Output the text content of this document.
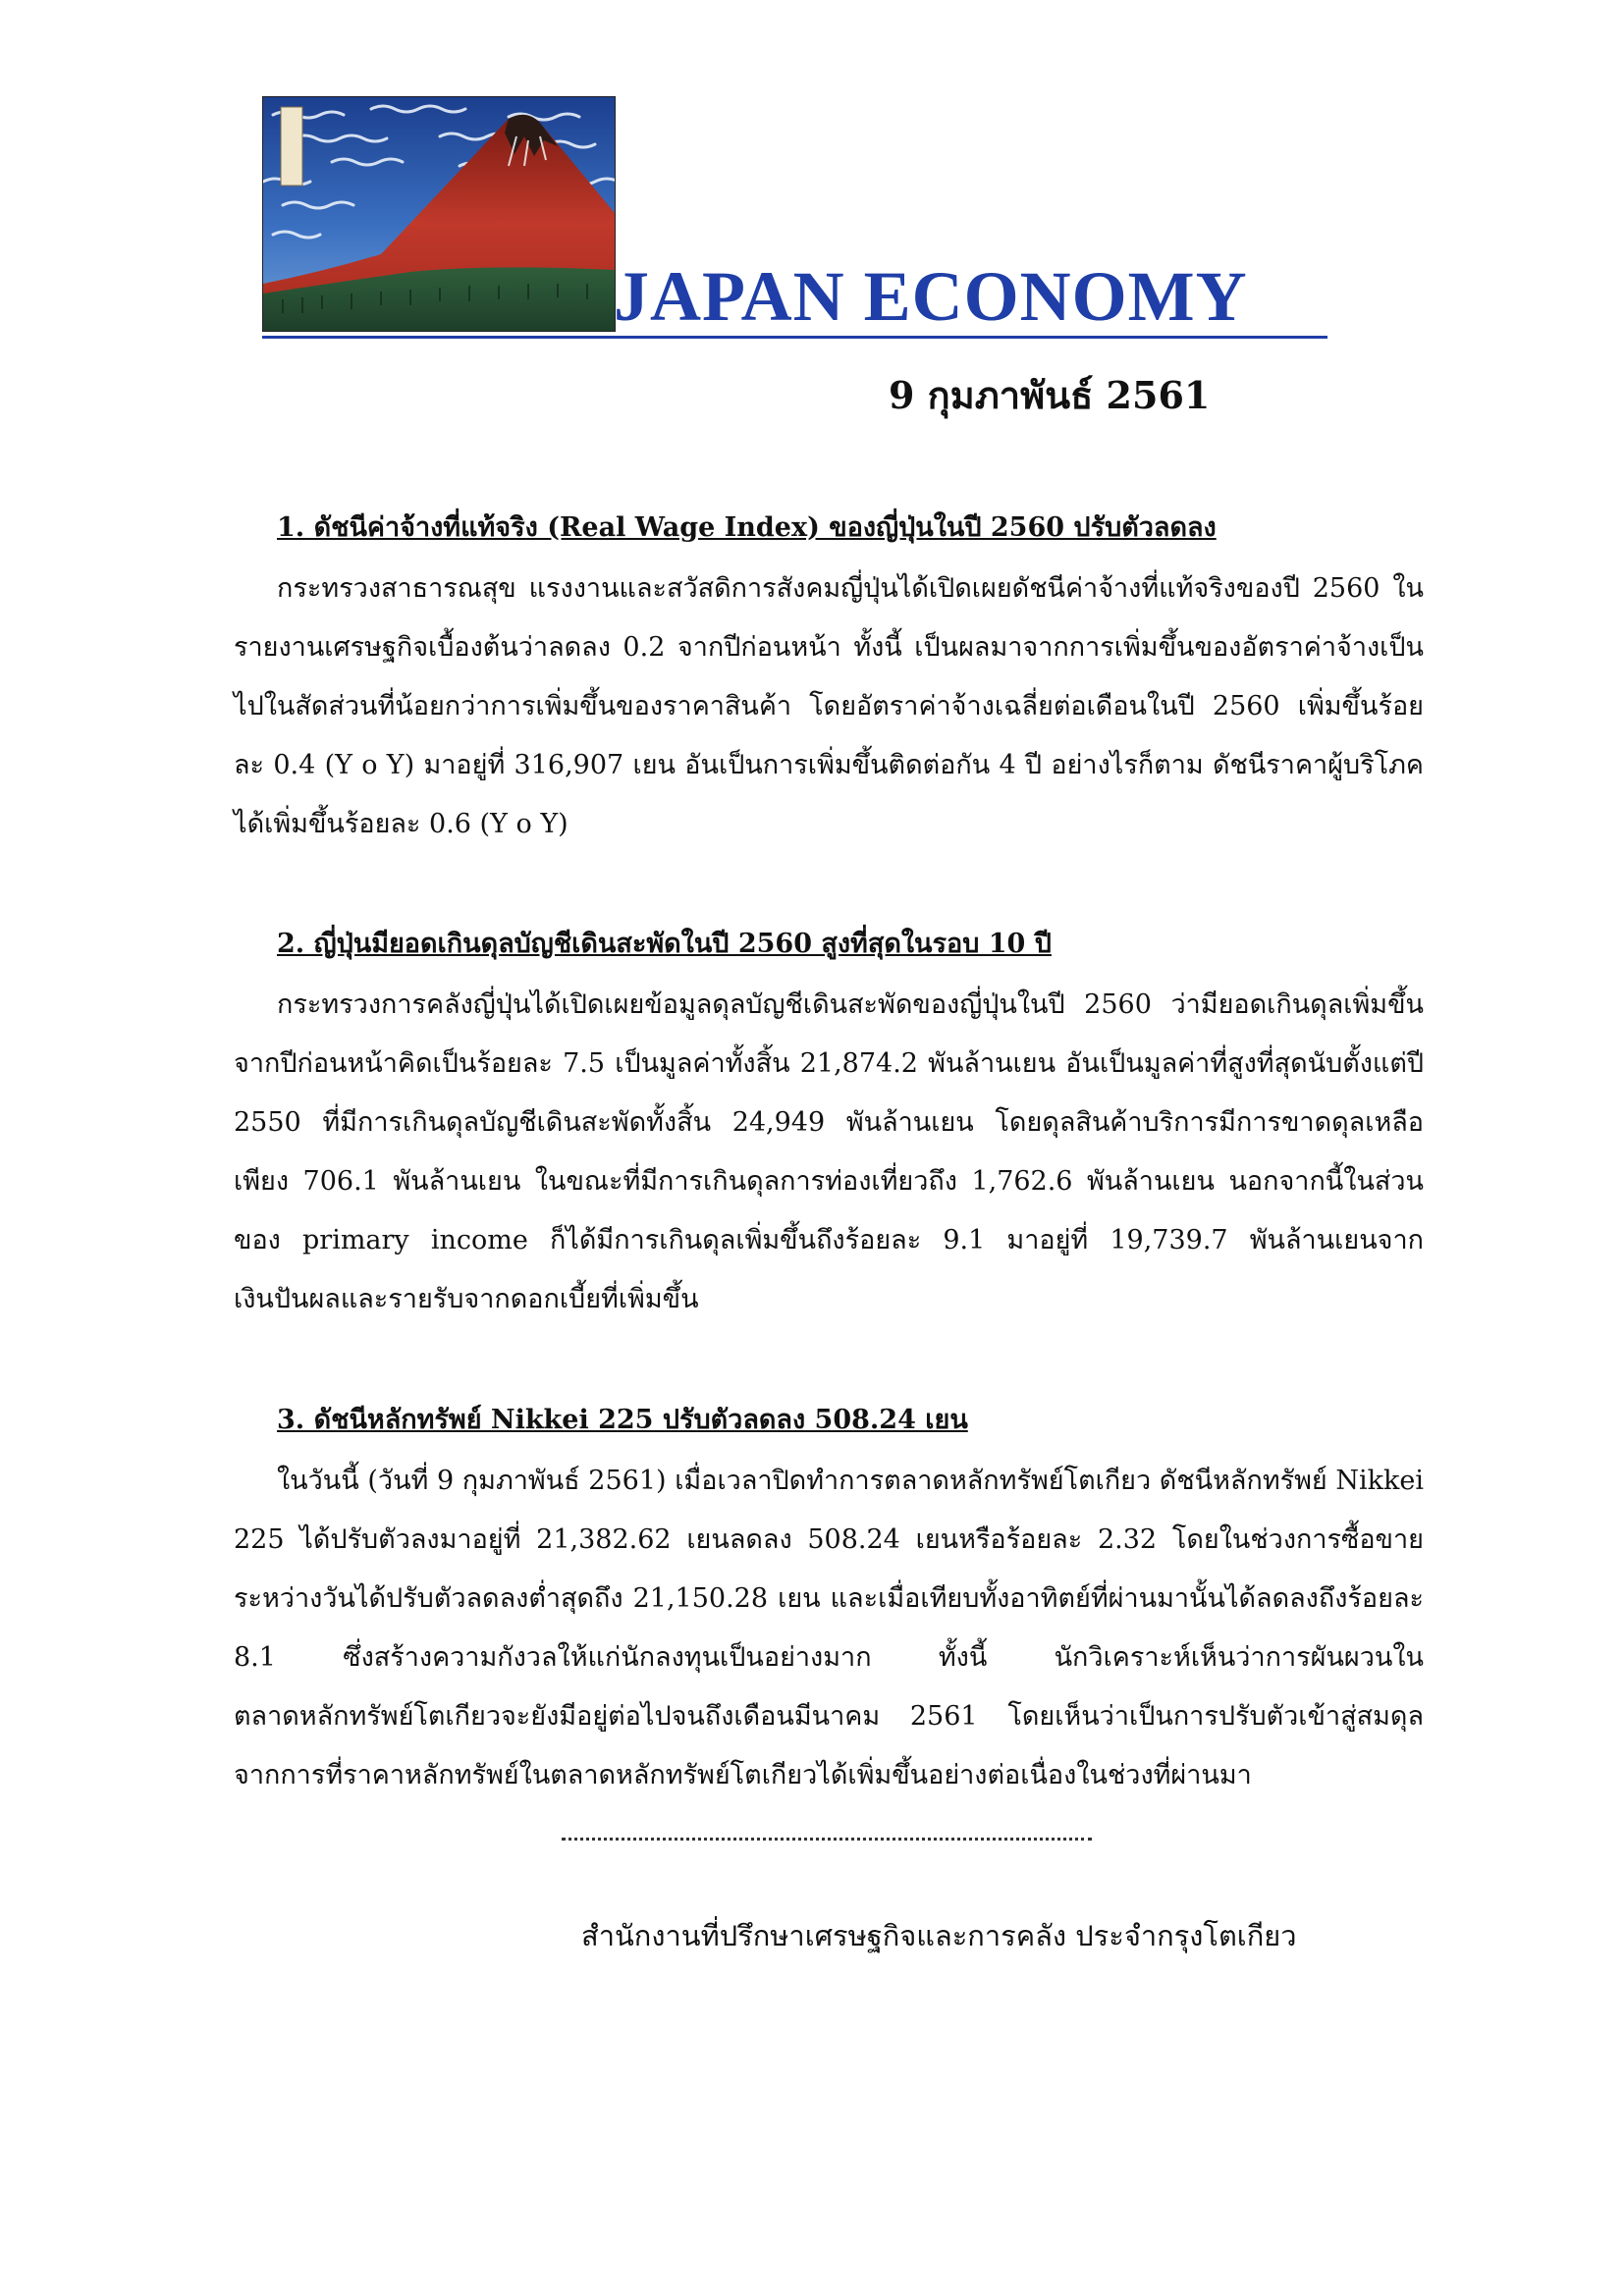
JAPAN ECONOMY
9 กุมภาพันธ์ 2561
1. ดัชนีค่าจ้างที่แท้จริง (Real Wage Index) ของญี่ปุ่นในปี 2560 ปรับตัวลดลง
กระทรวงสาธารณสุข แรงงานและสวัสดิการสังคมญี่ปุ่นได้เปิดเผยดัชนีค่าจ้างที่แท้จริงของปี 2560 ในรายงานเศรษฐกิจเบื้องต้นว่าลดลง 0.2 จากปีก่อนหน้า ทั้งนี้ เป็นผลมาจากการเพิ่มขึ้นของอัตราค่าจ้างเป็นไปในสัดส่วนที่น้อยกว่าการเพิ่มขึ้นของราคาสินค้า โดยอัตราค่าจ้างเฉลี่ยต่อเดือนในปี 2560 เพิ่มขึ้นร้อยละ 0.4 (Y o Y) มาอยู่ที่ 316,907 เยน อันเป็นการเพิ่มขึ้นติดต่อกัน 4 ปี อย่างไรก็ตาม ดัชนีราคาผู้บริโภคได้เพิ่มขึ้นร้อยละ 0.6 (Y o Y)
2. ญี่ปุ่นมียอดเกินดุลบัญชีเดินสะพัดในปี 2560 สูงที่สุดในรอบ 10 ปี
กระทรวงการคลังญี่ปุ่นได้เปิดเผยข้อมูลดุลบัญชีเดินสะพัดของญี่ปุ่นในปี 2560 ว่ามียอดเกินดุลเพิ่มขึ้นจากปีก่อนหน้าคิดเป็นร้อยละ 7.5 เป็นมูลค่าทั้งสิ้น 21,874.2 พันล้านเยน อันเป็นมูลค่าที่สูงที่สุดนับตั้งแต่ปี 2550 ที่มีการเกินดุลบัญชีเดินสะพัดทั้งสิ้น 24,949 พันล้านเยน โดยดุลสินค้าบริการมีการขาดดุลเหลือเพียง 706.1 พันล้านเยน ในขณะที่มีการเกินดุลการท่องเที่ยวถึง 1,762.6 พันล้านเยน นอกจากนี้ในส่วนของ primary income ก็ได้มีการเกินดุลเพิ่มขึ้นถึงร้อยละ 9.1 มาอยู่ที่ 19,739.7 พันล้านเยนจากเงินปันผลและรายรับจากดอกเบี้ยที่เพิ่มขึ้น
3. ดัชนีหลักทรัพย์ Nikkei 225 ปรับตัวลดลง 508.24 เยน
ในวันนี้ (วันที่ 9 กุมภาพันธ์ 2561) เมื่อเวลาปิดทำการตลาดหลักทรัพย์โตเกียว ดัชนีหลักทรัพย์ Nikkei 225 ได้ปรับตัวลงมาอยู่ที่ 21,382.62 เยนลดลง 508.24 เยนหรือร้อยละ 2.32 โดยในช่วงการซื้อขายระหว่างวันได้ปรับตัวลดลงต่ำสุดถึง 21,150.28 เยน และเมื่อเทียบทั้งอาทิตย์ที่ผ่านมานั้นได้ลดลงถึงร้อยละ 8.1 ซึ่งสร้างความกังวลให้แก่นักลงทุนเป็นอย่างมาก ทั้งนี้ นักวิเคราะห์เห็นว่าการผันผวนในตลาดหลักทรัพย์โตเกียวจะยังมีอยู่ต่อไปจนถึงเดือนมีนาคม 2561 โดยเห็นว่าเป็นการปรับตัวเข้าสู่สมดุลจากการที่ราคาหลักทรัพย์ในตลาดหลักทรัพย์โตเกียวได้เพิ่มขึ้นอย่างต่อเนื่องในช่วงที่ผ่านมา
สำนักงานที่ปรึกษาเศรษฐกิจและการคลัง ประจำกรุงโตเกียว
